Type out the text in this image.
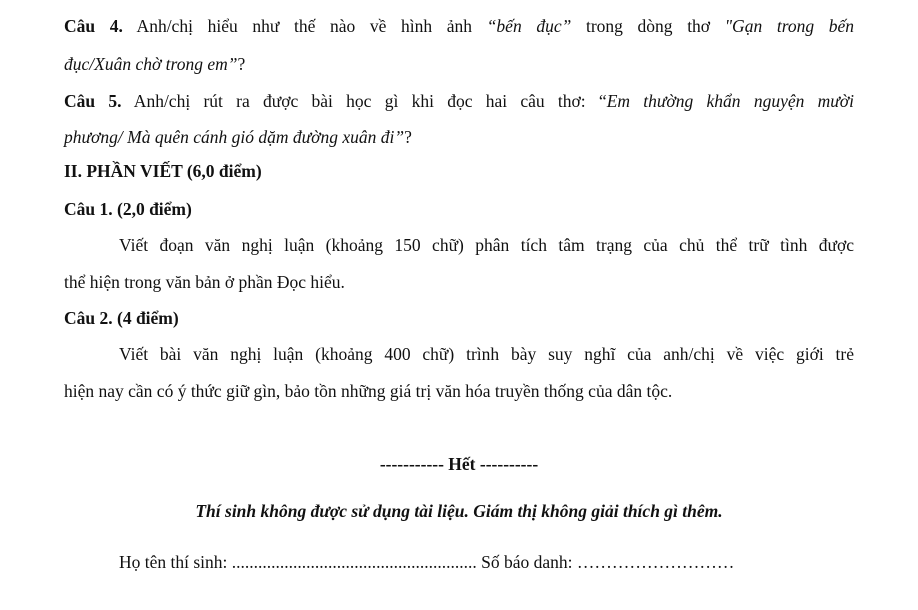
Câu 4. Anh/chị hiểu như thế nào về hình ảnh “bến đục” trong dòng thơ "Gạn trong bến
đục/Xuân chờ trong em”?
Câu 5. Anh/chị rút ra được bài học gì khi đọc hai câu thơ: “Em thường khẩn nguyện mười
phương/ Mà quên cánh gió dặm đường xuân đi”?
II. PHẦN VIẾT (6,0 điểm)
Câu 1. (2,0 điểm)
Viết đoạn văn nghị luận (khoảng 150 chữ) phân tích tâm trạng của chủ thể trữ tình được
thể hiện trong văn bản ở phần Đọc hiểu.
Câu 2. (4 điểm)
Viết bài văn nghị luận (khoảng 400 chữ) trình bày suy nghĩ của anh/chị về việc giới trẻ
hiện nay cần có ý thức giữ gìn, bảo tồn những giá trị văn hóa truyền thống của dân tộc.
----------- Hết ----------
Thí sinh không được sử dụng tài liệu. Giám thị không giải thích gì thêm.
Họ tên thí sinh: ........................................................ Số báo danh: ………………………
